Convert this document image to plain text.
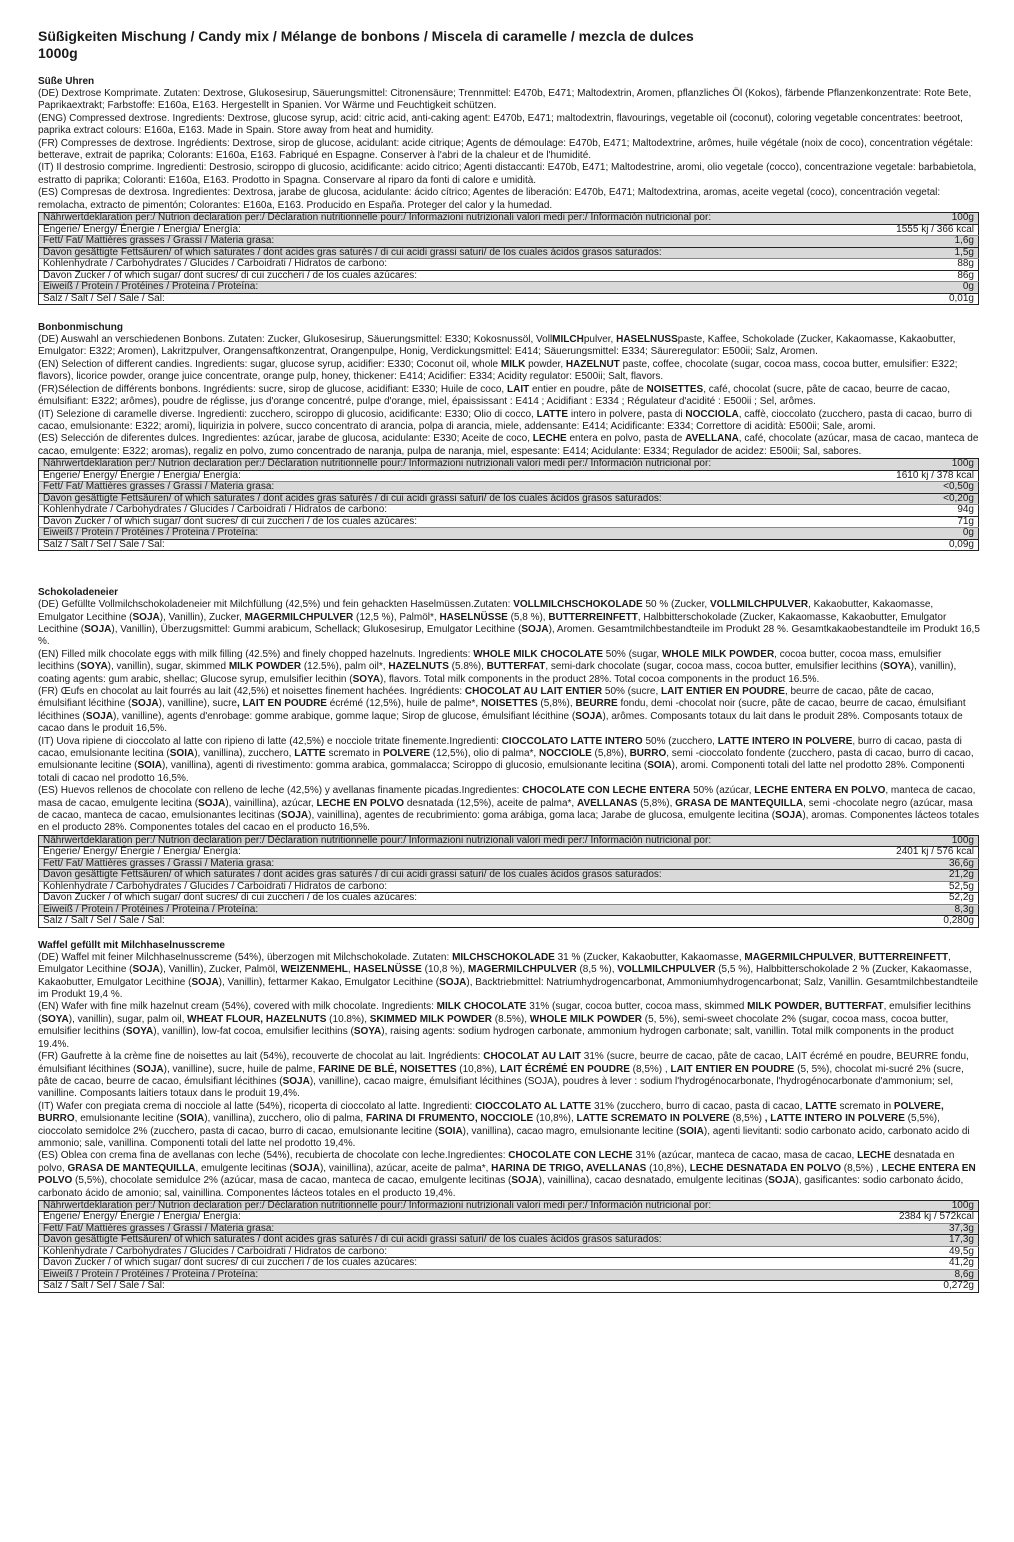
Süßigkeiten Mischung / Candy mix / Mélange de bonbons / Miscela di caramelle / mezcla de dulces
1000g
Süße Uhren

(DE) Dextrose Komprimate. Zutaten: Dextrose, Glukosesirup, Säuerungsmittel: Citronensäure; Trennmittel: E470b, E471; Maltodextrin, Aromen, pflanzliches Öl (Kokos), färbende Pflanzenkonzentrate: Rote Bete, Paprikaextrakt; Farbstoffe: E160a, E163. Hergestellt in Spanien. Vor Wärme und Feuchtigkeit schützen.

(ENG) Compressed dextrose. Ingredients: Dextrose, glucose syrup, acid: citric acid, anti-caking agent: E470b, E471; maltodextrin, flavourings, vegetable oil (coconut), coloring vegetable concentrates: beetroot, paprika extract colours: E160a, E163. Made in Spain. Store away from heat and humidity.

(FR) Compresses de dextrose. Ingrédients: Dextrose, sirop de glucose, acidulant: acide citrique; Agents de démoulage: E470b, E471; Maltodextrine, arômes, huile végétale (noix de coco), concentration végétale: betterave, extrait de paprika; Colorants: E160a, E163. Fabriqué en Espagne. Conserver à l'abri de la chaleur et de l'humidité.

(IT) Il destrosio comprime. Ingredienti: Destrosio, sciroppo di glucosio, acidificante: acido citrico; Agenti distaccanti: E470b, E471; Maltodestrine, aromi, olio vegetale (cocco), concentrazione vegetale: barbabietola, estratto di paprika; Coloranti: E160a, E163. Prodotto in Spagna. Conservare al riparo da fonti di calore e umidità.

(ES) Compresas de dextrosa. Ingredientes: Dextrosa, jarabe de glucosa, acidulante: ácido cítrico; Agentes de liberación: E470b, E471; Maltodextrina, aromas, aceite vegetal (coco), concentración vegetal: remolacha, extracto de pimentón; Colorantes: E160a, E163. Producido en España. Proteger del calor y la humedad.

Nährwertdeklaration per:/ Nutrion declaration per:/ Déclaration nutritionnelle pour:/ Informazioni nutrizionali valori medi per:/ Información nutricional por:	100g
Engerie/ Energy/ Énergie / Energia/ Energía:	1555 kj / 366 kcal
Fett/ Fat/ Mattières grasses / Grassi / Materia grasa:	1,6g
Davon gesättigte Fettsäuren/ of which saturates / dont acides gras saturés / di cui acidi grassi saturi/ de los cuales ácidos grasos saturados:	1,5g
Kohlenhydrate / Carbohydrates / Glucides / Carboidrati / Hidratos de carbono:	88g
Davon Zucker / of which sugar/ dont sucres/ di cui zuccheri / de los cuales azúcares:	86g
Eiweiß / Protein / Protéines / Proteina / Proteína:	0g
Salz / Salt / Sel / Sale / Sal:	0,01g
Bonbonmischung

(DE) Auswahl an verschiedenen Bonbons. Zutaten: Zucker, Glukosesirup, Säuerungsmittel: E330; Kokosnussöl, VollMILCHpulver, HASELNUSSpaste, Kaffee, Schokolade (Zucker, Kakaomasse, Kakaobutter, Emulgator: E322; Aromen), Lakritzpulver, Orangensaftkonzentrat, Orangenpulpe, Honig, Verdickungsmittel: E414; Säuerungsmittel: E334; Säureregulator: E500ii; Salz, Aromen.

(EN) Selection of different candies. Ingredients: sugar, glucose syrup, acidifier: E330; Coconut oil, whole MILK powder, HAZELNUT paste, coffee, chocolate (sugar, cocoa mass, cocoa butter, emulsifier: E322; flavors), licorice powder, orange juice concentrate, orange pulp, honey, thickener: E414; Acidifier: E334; Acidity regulator: E500ii; Salt, flavors.

(FR)Sélection de différents bonbons. Ingrédients: sucre, sirop de glucose, acidifiant: E330; Huile de coco, LAIT entier en poudre, pâte de NOISETTES, café, chocolat (sucre, pâte de cacao, beurre de cacao, émulsifiant: E322; arômes), poudre de réglisse, jus d'orange concentré, pulpe d'orange, miel, épaississant : E414 ; Acidifiant : E334 ; Régulateur d'acidité : E500ii ; Sel, arômes.

(IT) Selezione di caramelle diverse. Ingredienti: zucchero, sciroppo di glucosio, acidificante: E330; Olio di cocco, LATTE intero in polvere, pasta di NOCCIOLA, caffè, cioccolato (zucchero, pasta di cacao, burro di cacao, emulsionante: E322; aromi), liquirizia in polvere, succo concentrato di arancia, polpa di arancia, miele, addensante: E414; Acidificante: E334; Correttore di acidità: E500ii; Sale, aromi.

(ES) Selección de diferentes dulces. Ingredientes: azúcar, jarabe de glucosa, acidulante: E330; Aceite de coco, LECHE entera en polvo, pasta de AVELLANA, café, chocolate (azúcar, masa de cacao, manteca de cacao, emulgente: E322; aromas), regaliz en polvo, zumo concentrado de naranja, pulpa de naranja, miel, espesante: E414; Acidulante: E334; Regulador de acidez: E500ii; Sal, sabores.

Nährwertdeklaration per:/ Nutrion declaration per:/ Déclaration nutritionnelle pour:/ Informazioni nutrizionali valori medi per:/ Información nutricional por:	100g
Engerie/ Energy/ Énergie / Energia/ Energía:	1610 kj / 378 kcal
Fett/ Fat/ Mattières grasses / Grassi / Materia grasa:	<0,50g
Davon gesättigte Fettsäuren/ of which saturates / dont acides gras saturés / di cui acidi grassi saturi/ de los cuales ácidos grasos saturados:	<0,20g
Kohlenhydrate / Carbohydrates / Glucides / Carboidrati / Hidratos de carbono:	94g
Davon Zucker / of which sugar/ dont sucres/ di cui zuccheri / de los cuales azúcares:	71g
Eiweiß / Protein / Protéines / Proteina / Proteína:	0g
Salz / Salt / Sel / Sale / Sal:	0,09g
Schokoladeneier

(DE) Gefüllte Vollmilchschokoladeneier mit Milchfüllung (42,5%) und fein gehackten Haselmüssen.Zutaten: VOLLMILCHSCHOKOLADE 50 % (Zucker, VOLLMILCHPULVER, Kakaobutter, Kakaomasse, Emulgator Lecithine (SOJA), Vanillin), Zucker, MAGERMILCHPULVER (12,5 %), Palmöl*, HASELNÜSSE (5,8 %), BUTTERREINFETT, Halbbitterschokolade (Zucker, Kakaomasse, Kakaobutter, Emulgator Lecithine (SOJA), Vanillin), Überzugsmittel: Gummi arabicum, Schellack; Glukosesirup, Emulgator Lecithine (SOJA), Aromen. Gesamtmilchbestandteile im Produkt 28 %. Gesamtkakaobestandteile im Produkt 16,5 %.

(EN) Filled milk chocolate eggs with milk filling (42.5%) and finely chopped hazelnuts. Ingredients: WHOLE MILK CHOCOLATE 50% (sugar, WHOLE MILK POWDER, cocoa butter, cocoa mass, emulsifier lecithins (SOYA), vanillin), sugar, skimmed MILK POWDER (12.5%), palm oil*, HAZELNUTS (5.8%), BUTTERFAT, semi-dark chocolate (sugar, cocoa mass, cocoa butter, emulsifier lecithins (SOYA), vanillin), coating agents: gum arabic, shellac; Glucose syrup, emulsifier lecithin (SOYA), flavors. Total milk components in the product 28%. Total cocoa components in the product 16.5%.

(FR) Œufs en chocolat au lait fourrés au lait (42,5%) et noisettes finement hachées. Ingrédients: CHOCOLAT AU LAIT ENTIER 50% (sucre, LAIT ENTIER EN POUDRE, beurre de cacao, pâte de cacao, émulsifiant lécithine (SOJA), vanilline), sucre, LAIT EN POUDRE écrémé (12,5%), huile de palme*, NOISETTES (5,8%), BEURRE fondu, demi -chocolat noir (sucre, pâte de cacao, beurre de cacao, émulsifiant lécithines (SOJA), vanilline), agents d'enrobage: gomme arabique, gomme laque; Sirop de glucose, émulsifiant lécithine (SOJA), arômes. Composants totaux du lait dans le produit 28%. Composants totaux de cacao dans le produit 16,5%.

(IT) Uova ripiene di cioccolato al latte con ripieno di latte (42,5%) e nocciole tritate finemente.Ingredienti: CIOCCOLATO LATTE INTERO 50% (zucchero, LATTE INTERO IN POLVERE, burro di cacao, pasta di cacao, emulsionante lecitina (SOIA), vanillina), zucchero, LATTE scremato in POLVERE (12,5%), olio di palma*, NOCCIOLE (5,8%), BURRO, semi -cioccolato fondente (zucchero, pasta di cacao, burro di cacao, emulsionante lecitine (SOIA), vanillina), agenti di rivestimento: gomma arabica, gommalacca; Sciroppo di glucosio, emulsionante lecitina (SOIA), aromi. Componenti totali del latte nel prodotto 28%. Componenti totali di cacao nel prodotto 16,5%.

(ES) Huevos rellenos de chocolate con relleno de leche (42,5%) y avellanas finamente picadas.Ingredientes: CHOCOLATE CON LECHE ENTERA 50% (azúcar, LECHE ENTERA EN POLVO, manteca de cacao, masa de cacao, emulgente lecitina (SOJA), vainillina), azúcar, LECHE EN POLVO desnatada (12,5%), aceite de palma*, AVELLANAS (5,8%), GRASA DE MANTEQUILLA, semi -chocolate negro (azúcar, masa de cacao, manteca de cacao, emulsionantes lecitinas (SOJA), vainillina), agentes de recubrimiento: goma arábiga, goma laca; Jarabe de glucosa, emulgente lecitina (SOJA), aromas. Componentes lácteos totales en el producto 28%. Componentes totales del cacao en el producto 16,5%.

Nährwertdeklaration per:/ Nutrion declaration per:/ Déclaration nutritionnelle pour:/ Informazioni nutrizionali valori medi per:/ Información nutricional por:	100g
Engerie/ Energy/ Énergie / Energia/ Energía:	2401 kj / 576 kcal
Fett/ Fat/ Mattières grasses / Grassi / Materia grasa:	36,6g
Davon gesättigte Fettsäuren/ of which saturates / dont acides gras saturés / di cui acidi grassi saturi/ de los cuales ácidos grasos saturados:	21,2g
Kohlenhydrate / Carbohydrates / Glucides / Carboidrati / Hidratos de carbono:	52,5g
Davon Zucker / of which sugar/ dont sucres/ di cui zuccheri / de los cuales azúcares:	52,2g
Eiweiß / Protein / Protéines / Proteina / Proteína:	8,3g
Salz / Salt / Sel / Sale / Sal:	0,280g
Waffel gefüllt mit Milchhaselnusscreme

(DE) Waffel mit feiner Milchhaselnusscreme (54%), überzogen mit Milchschokolade. Zutaten: MILCHSCHOKOLADE 31 % (Zucker, Kakaobutter, Kakaomasse, MAGERMILCHPULVER, BUTTERREINFETT, Emulgator Lecithine (SOJA), Vanillin), Zucker, Palmöl, WEIZENMEHL, HASELNÜSSE (10,8 %), MAGERMILCHPULVER (8,5 %), VOLLMILCHPULVER (5,5 %), Halbbitterschokolade 2 % (Zucker, Kakaomasse, Kakaobutter, Emulgator Lecithine (SOJA), Vanillin), fettarmer Kakao, Emulgator Lecithine (SOJA), Backtriebmittel: Natriumhydrogencarbonat, Ammoniumhydrogencarbonat; Salz, Vanillin. Gesamtmilchbestandteile im Produkt 19,4 %.

(EN) Wafer with fine milk hazelnut cream (54%), covered with milk chocolate. Ingredients: MILK CHOCOLATE 31% (sugar, cocoa butter, cocoa mass, skimmed MILK POWDER, BUTTERFAT, emulsifier lecithins (SOYA), vanillin), sugar, palm oil, WHEAT FLOUR, HAZELNUTS (10.8%), SKIMMED MILK POWDER (8.5%), WHOLE MILK POWDER (5, 5%), semi-sweet chocolate 2% (sugar, cocoa mass, cocoa butter, emulsifier lecithins (SOYA), vanillin), low-fat cocoa, emulsifier lecithins (SOYA), raising agents: sodium hydrogen carbonate, ammonium hydrogen carbonate; salt, vanillin. Total milk components in the product 19.4%.

(FR) Gaufrette à la crème fine de noisettes au lait (54%), recouverte de chocolat au lait. Ingrédients: CHOCOLAT AU LAIT 31% (sucre, beurre de cacao, pâte de cacao, LAIT écrémé en poudre, BEURRE fondu, émulsifiant lécithines (SOJA), vanilline), sucre, huile de palme, FARINE DE BLÉ, NOISETTES (10,8%), LAIT ÉCRÉMÉ EN POUDRE (8,5%) , LAIT ENTIER EN POUDRE (5, 5%), chocolat mi-sucré 2% (sucre, pâte de cacao, beurre de cacao, émulsifiant lécithines (SOJA), vanilline), cacao maigre, émulsifiant lécithines (SOJA), poudres à lever : sodium l'hydrogénocarbonate, l'hydrogénocarbonate d'ammonium; sel, vanilline. Composants laitiers totaux dans le produit 19,4%.

(IT) Wafer con pregiata crema di nocciole al latte (54%), ricoperta di cioccolato al latte. Ingredienti: CIOCCOLATO AL LATTE 31% (zucchero, burro di cacao, pasta di cacao, LATTE scremato in POLVERE, BURRO, emulsionante lecitine (SOIA), vanillina), zucchero, olio di palma, FARINA DI FRUMENTO, NOCCIOLE (10,8%), LATTE SCREMATO IN POLVERE (8,5%) , LATTE INTERO IN POLVERE (5,5%), cioccolato semidolce 2% (zucchero, pasta di cacao, burro di cacao, emulsionante lecitine (SOIA), vanillina), cacao magro, emulsionante lecitine (SOIA), agenti lievitanti: sodio carbonato acido, carbonato acido di ammonio; sale, vanillina. Componenti totali del latte nel prodotto 19,4%.

(ES) Oblea con crema fina de avellanas con leche (54%), recubierta de chocolate con leche.Ingredientes: CHOCOLATE CON LECHE 31% (azúcar, manteca de cacao, masa de cacao, LECHE desnatada en polvo, GRASA DE MANTEQUILLA, emulgente lecitinas (SOJA), vainillina), azúcar, aceite de palma*, HARINA DE TRIGO, AVELLANAS (10,8%), LECHE DESNATADA EN POLVO (8,5%) , LECHE ENTERA EN POLVO (5,5%), chocolate semidulce 2% (azúcar, masa de cacao, manteca de cacao, emulgente lecitinas (SOJA), vainillina), cacao desnatado, emulgente lecitinas (SOJA), gasificantes: sodio carbonato ácido, carbonato ácido de amonio; sal, vainillina. Componentes lácteos totales en el producto 19,4%.

Nährwertdeklaration per:/ Nutrion declaration per:/ Déclaration nutritionnelle pour:/ Informazioni nutrizionali valori medi per:/ Información nutricional por:	100g
Engerie/ Energy/ Énergie / Energia/ Energía:	2384 kj / 572kcal
Fett/ Fat/ Mattières grasses / Grassi / Materia grasa:	37,3g
Davon gesättigte Fettsäuren/ of which saturates / dont acides gras saturés / di cui acidi grassi saturi/ de los cuales ácidos grasos saturados:	17,3g
Kohlenhydrate / Carbohydrates / Glucides / Carboidrati / Hidratos de carbono:	49,5g
Davon Zucker / of which sugar/ dont sucres/ di cui zuccheri / de los cuales azúcares:	41,2g
Eiweiß / Protein / Protéines / Proteina / Proteína:	8,6g
Salz / Salt / Sel / Sale / Sal:	0,272g
